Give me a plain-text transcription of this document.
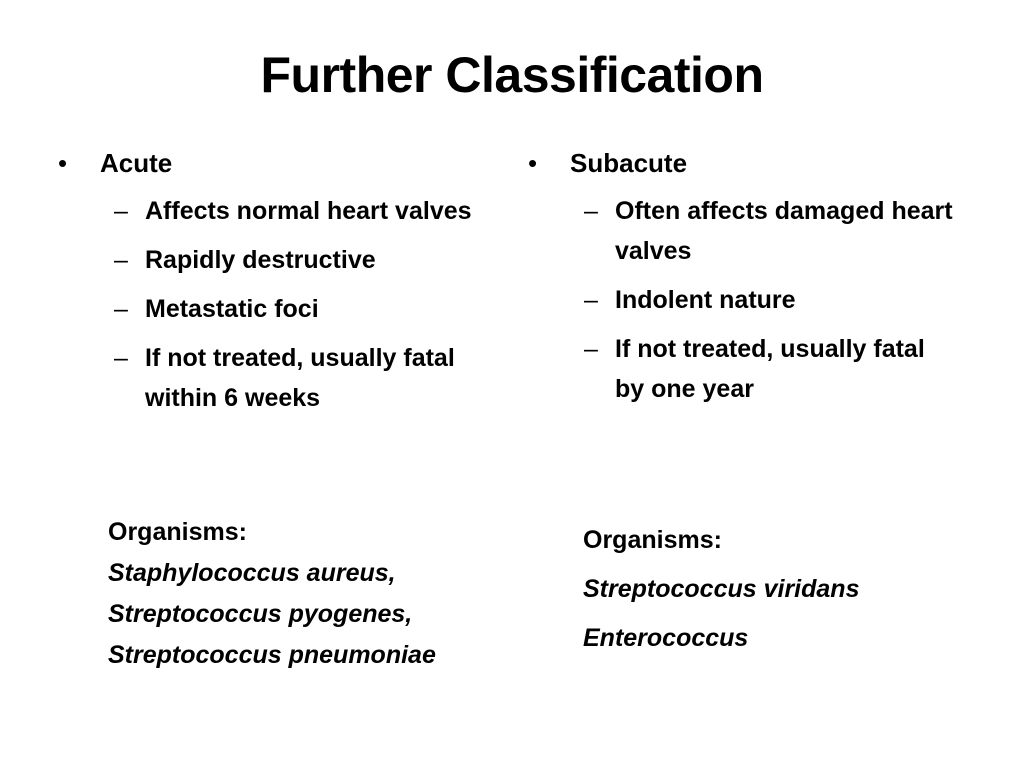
Further Classification
• Acute
– Affects normal heart valves
– Rapidly destructive
– Metastatic foci
– If not treated, usually fatal within 6 weeks
Organisms:
Staphylococcus aureus,
Streptococcus pyogenes,
Streptococcus pneumoniae
• Subacute
– Often affects damaged heart valves
– Indolent nature
– If not treated, usually fatal by one year
Organisms:
Streptococcus viridans
Enterococcus
